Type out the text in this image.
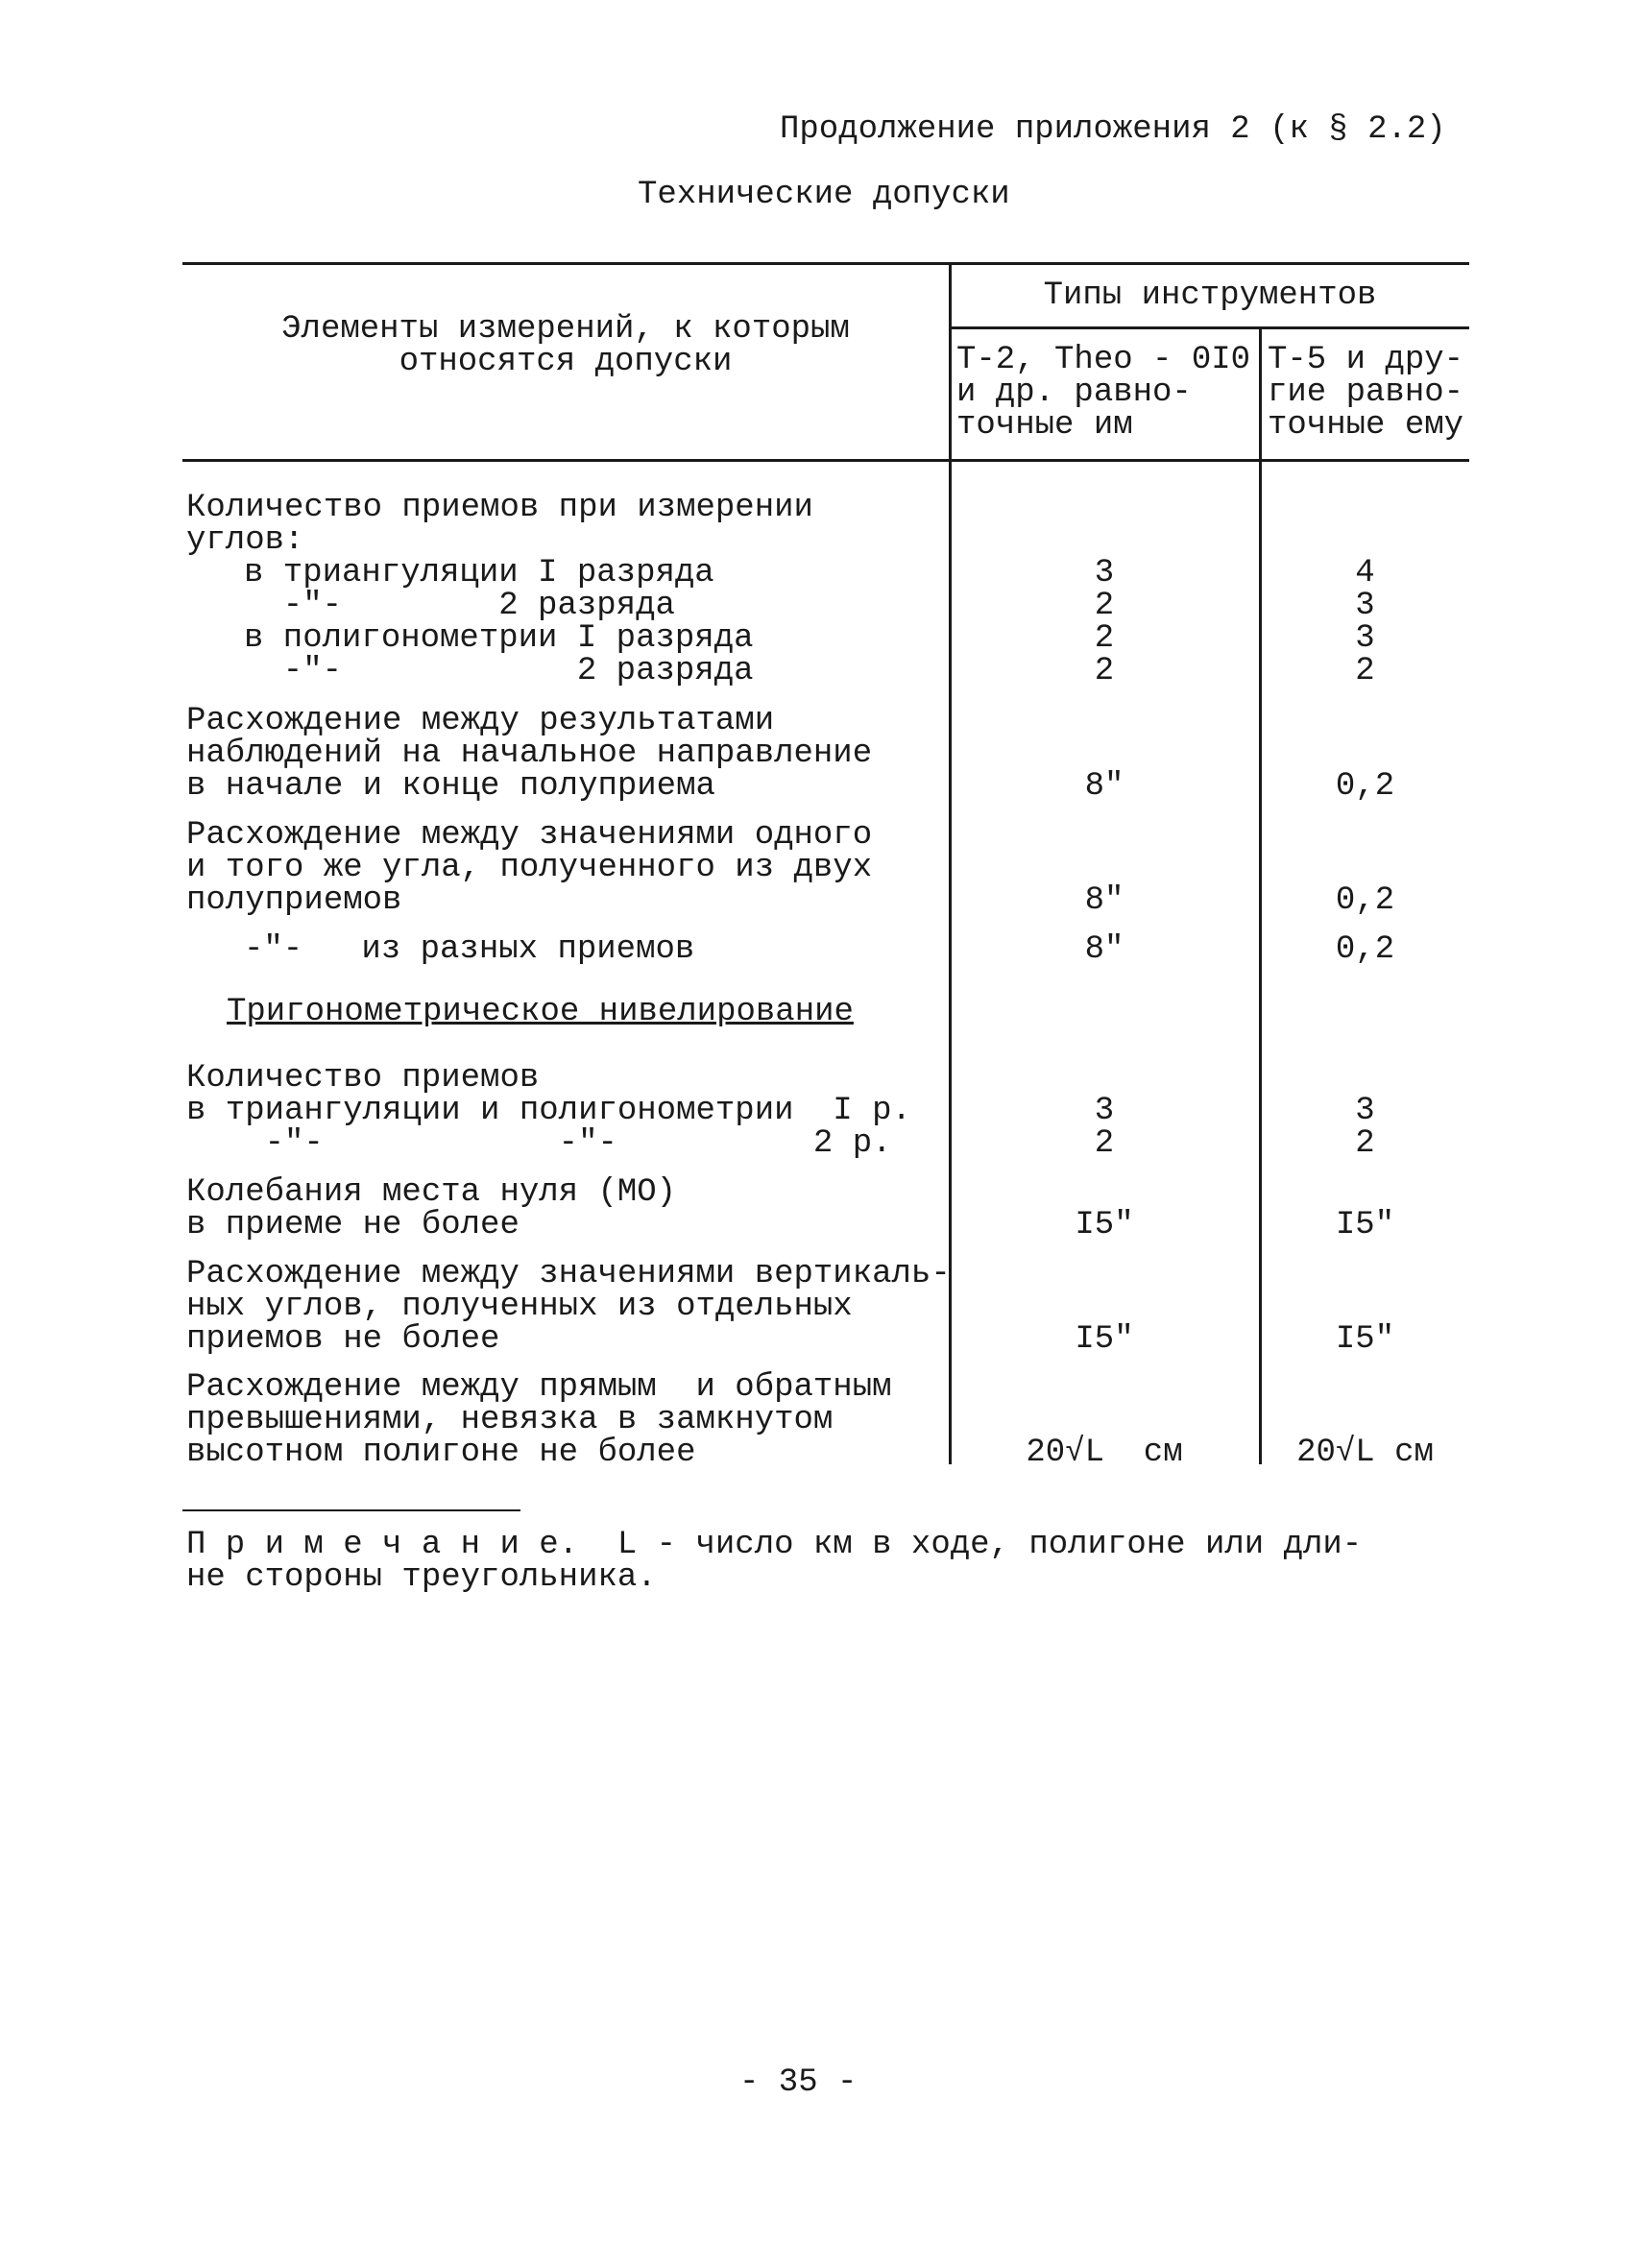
Продолжение приложения 2 (к § 2.2)
Технические допуски
Элементы измерений, к которым
относятся допуски
Типы инструментов
Т-2, Theo - 0I0
и др. равно-
точные им
Т-5 и дру-
гие равно-
точные ему
Количество приемов при измерении
углов:
в триангуляции I разряда
-"-        2 разряда
в полигонометрии I разряда
-"-            2 разряда
Расхождение между результатами
наблюдений на начальное направление
в начале и конце полуприема
Расхождение между значениями одного
и того же угла, полученного из двух
полуприемов
-"-   из разных приемов
Тригонометрическое нивелирование
Количество приемов
в триангуляции и полигонометрии  I р.
-"-            -"-          2 р.
Колебания места нуля (МО)
в приеме не более
Расхождение между значениями вертикаль-
ных углов, полученных из отдельных
приемов не более
Расхождение между прямым  и обратным
превышениями, невязка в замкнутом
высотном полигоне не более
3
2
2
2
8"
8"
8"
3
2
I5"
I5"
20√L  см
4
3
3
2
0,2
0,2
0,2
3
2
I5"
I5"
20√L см
П р и м е ч а н и е.  L - число км в ходе, полигоне или дли-
не стороны треугольника.
- 35 -
